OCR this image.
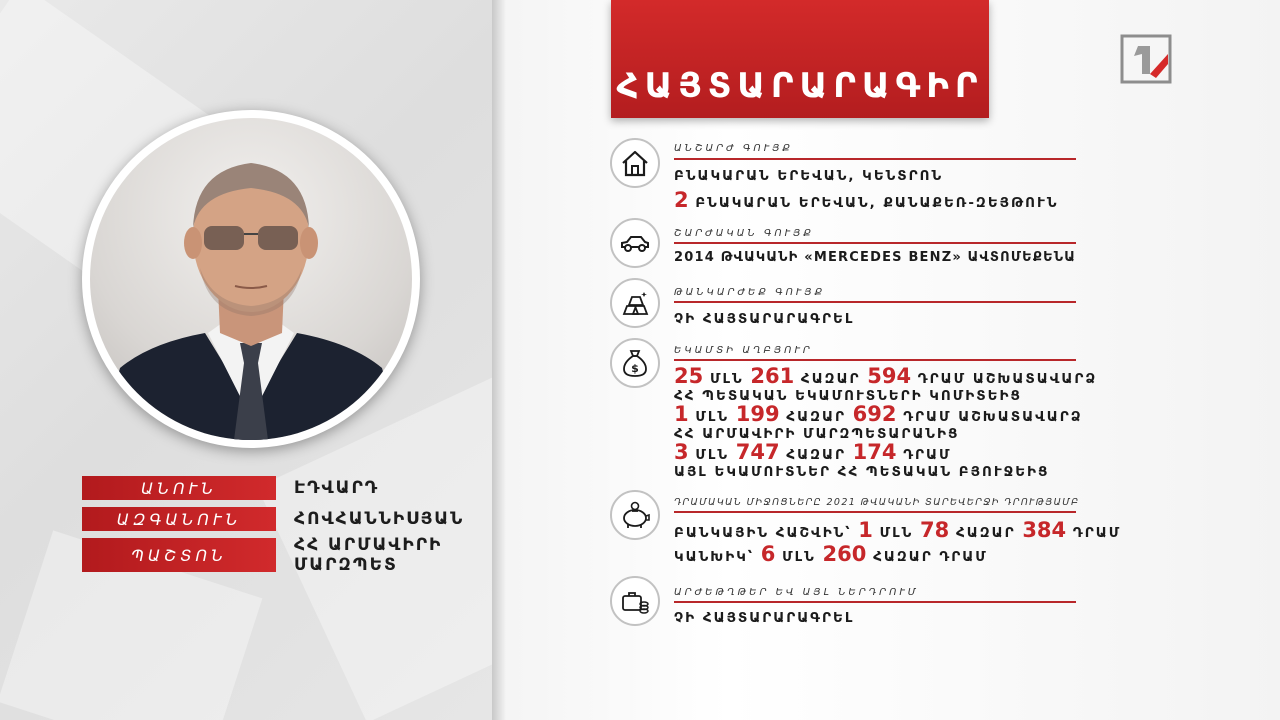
ԱՆՈՒՆ	ԷԴՎԱՐԴ
ԱԶԳԱՆՈՒՆ	ՀՈՎՀԱՆՆԻՍՅԱՆ
ՊԱՇՏՈՆ	ՀՀ ԱՐՄԱՎԻՐԻ
ՄԱՐԶՊԵՏ
ՀԱՅՏԱՐԱՐԱԳԻՐ
ԱՆՇԱՐԺ ԳՈՒՅՔ
ԲՆԱԿԱՐԱՆ ԵՐԵՎԱՆ, ԿԵՆՏՐՈՆ
2 ԲՆԱԿԱՐԱՆ ԵՐԵՎԱՆ, ՔԱՆԱՔԵՌ-ԶԵՅԹՈՒՆ
ՇԱՐԺԱԿԱՆ ԳՈՒՅՔ
2014 ԹՎԱԿԱՆԻ «MERCEDES BENZ» ԱՎՏՈՄԵՔԵՆԱ
ԹԱՆԿԱՐԺԵՔ ԳՈՒՅՔ
ՉԻ ՀԱՅՏԱՐԱՐԱԳՐԵԼ
$
ԵԿԱՄՏԻ ԱՂԲՅՈՒՐ
25 ՄԼՆ 261 ՀԱԶԱՐ 594 ԴՐԱՄ ԱՇԽԱՏԱՎԱՐՁ
ՀՀ ՊԵՏԱԿԱՆ ԵԿԱՄՈՒՏՆԵՐԻ ԿՈՄԻՏԵԻՑ
1 ՄԼՆ 199 ՀԱԶԱՐ 692 ԴՐԱՄ ԱՇԽԱՏԱՎԱՐՁ
ՀՀ ԱՐՄԱՎԻՐԻ ՄԱՐԶՊԵՏԱՐԱՆԻՑ
3 ՄԼՆ 747 ՀԱԶԱՐ 174 ԴՐԱՄ
ԱՅԼ ԵԿԱՄՈՒՏՆԵՐ ՀՀ ՊԵՏԱԿԱՆ ԲՅՈՒՋԵԻՑ
ԴՐԱՄԱԿԱՆ ՄԻՋՈՑՆԵՐԸ 2021 ԹՎԱԿԱՆԻ ՏԱՐԵՎԵՐՋԻ ԴՐՈՒԹՅԱՄԲ
ԲԱՆԿԱՅԻՆ ՀԱՇՎԻՆ՝ 1 ՄԼՆ 78 ՀԱԶԱՐ 384 ԴՐԱՄ
ԿԱՆԽԻԿ՝ 6 ՄԼՆ 260 ՀԱԶԱՐ ԴՐԱՄ
ԱՐԺԵԹՂԹԵՐ ԵՎ ԱՅԼ ՆԵՐԴՐՈՒՄ
ՉԻ ՀԱՅՏԱՐԱՐԱԳՐԵԼ
